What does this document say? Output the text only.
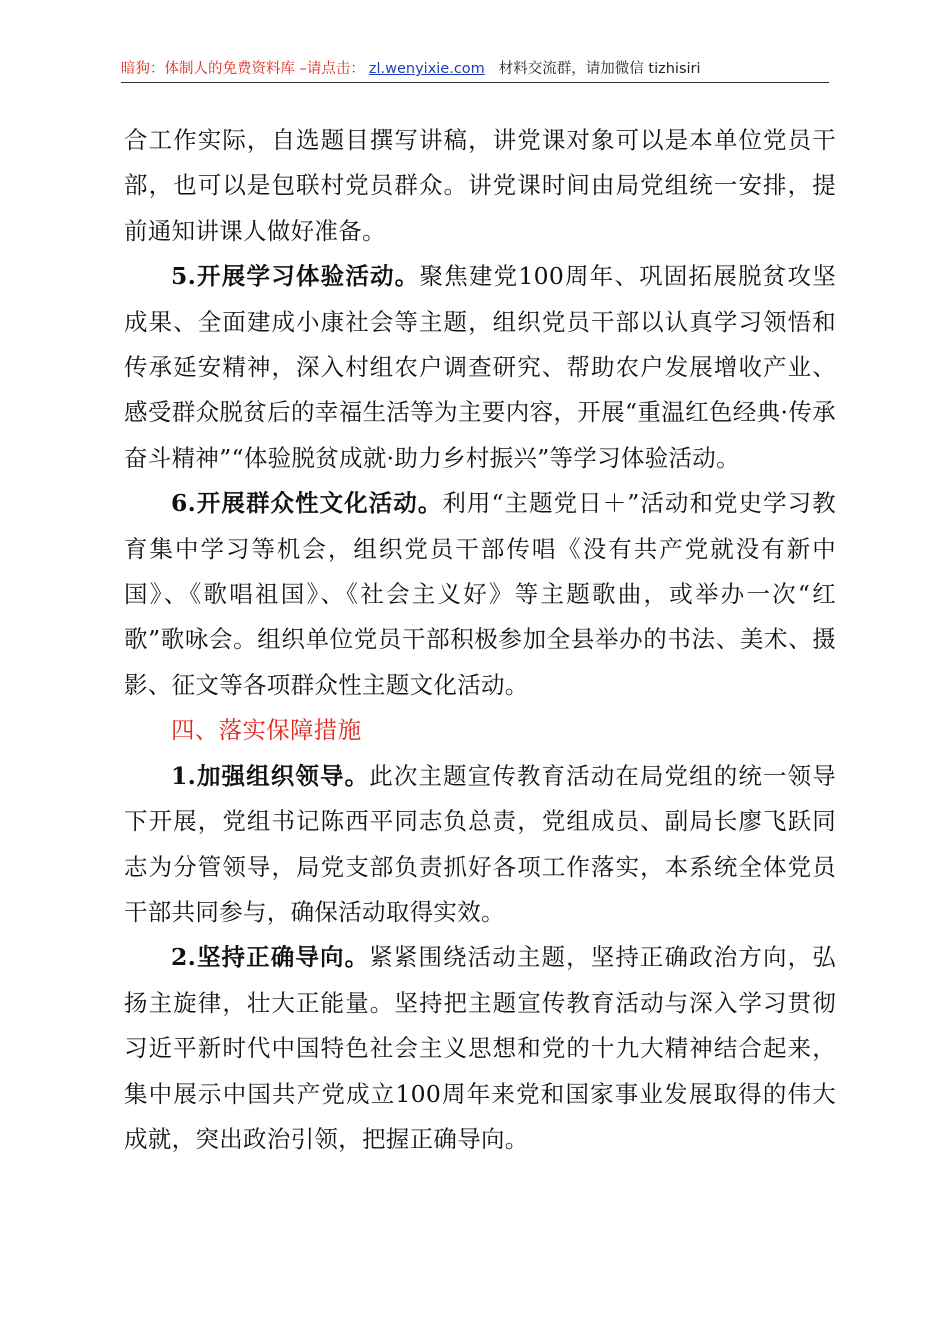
暗狗：体制人的免费资料库 –请点击： zl.wenyixie.com 材料交流群，请加微信 tizhisiri

合工作实际，自选题目撰写讲稿，讲党课对象可以是本单位党员干部，也可以是包联村党员群众。讲党课时间由局党组统一安排，提前通知讲课人做好准备。

5.开展学习体验活动。聚焦建党100周年、巩固拓展脱贫攻坚成果、全面建成小康社会等主题，组织党员干部以认真学习领悟和传承延安精神，深入村组农户调查研究、帮助农户发展增收产业、感受群众脱贫后的幸福生活等为主要内容，开展“重温红色经典·传承奋斗精神”“体验脱贫成就·助力乡村振兴”等学习体验活动。

6.开展群众性文化活动。利用“主题党日＋”活动和党史学习教育集中学习等机会，组织党员干部传唱《没有共产党就没有新中国》、《歌唱祖国》、《社会主义好》等主题歌曲，或举办一次“红歌”歌咏会。组织单位党员干部积极参加全县举办的书法、美术、摄影、征文等各项群众性主题文化活动。

四、落实保障措施

1.加强组织领导。此次主题宣传教育活动在局党组的统一领导下开展，党组书记陈西平同志负总责，党组成员、副局长廖飞跃同志为分管领导，局党支部负责抓好各项工作落实，本系统全体党员干部共同参与，确保活动取得实效。

2.坚持正确导向。紧紧围绕活动主题，坚持正确政治方向，弘扬主旋律，壮大正能量。坚持把主题宣传教育活动与深入学习贯彻习近平新时代中国特色社会主义思想和党的十九大精神结合起来，集中展示中国共产党成立100周年来党和国家事业发展取得的伟大成就，突出政治引领，把握正确导向。
